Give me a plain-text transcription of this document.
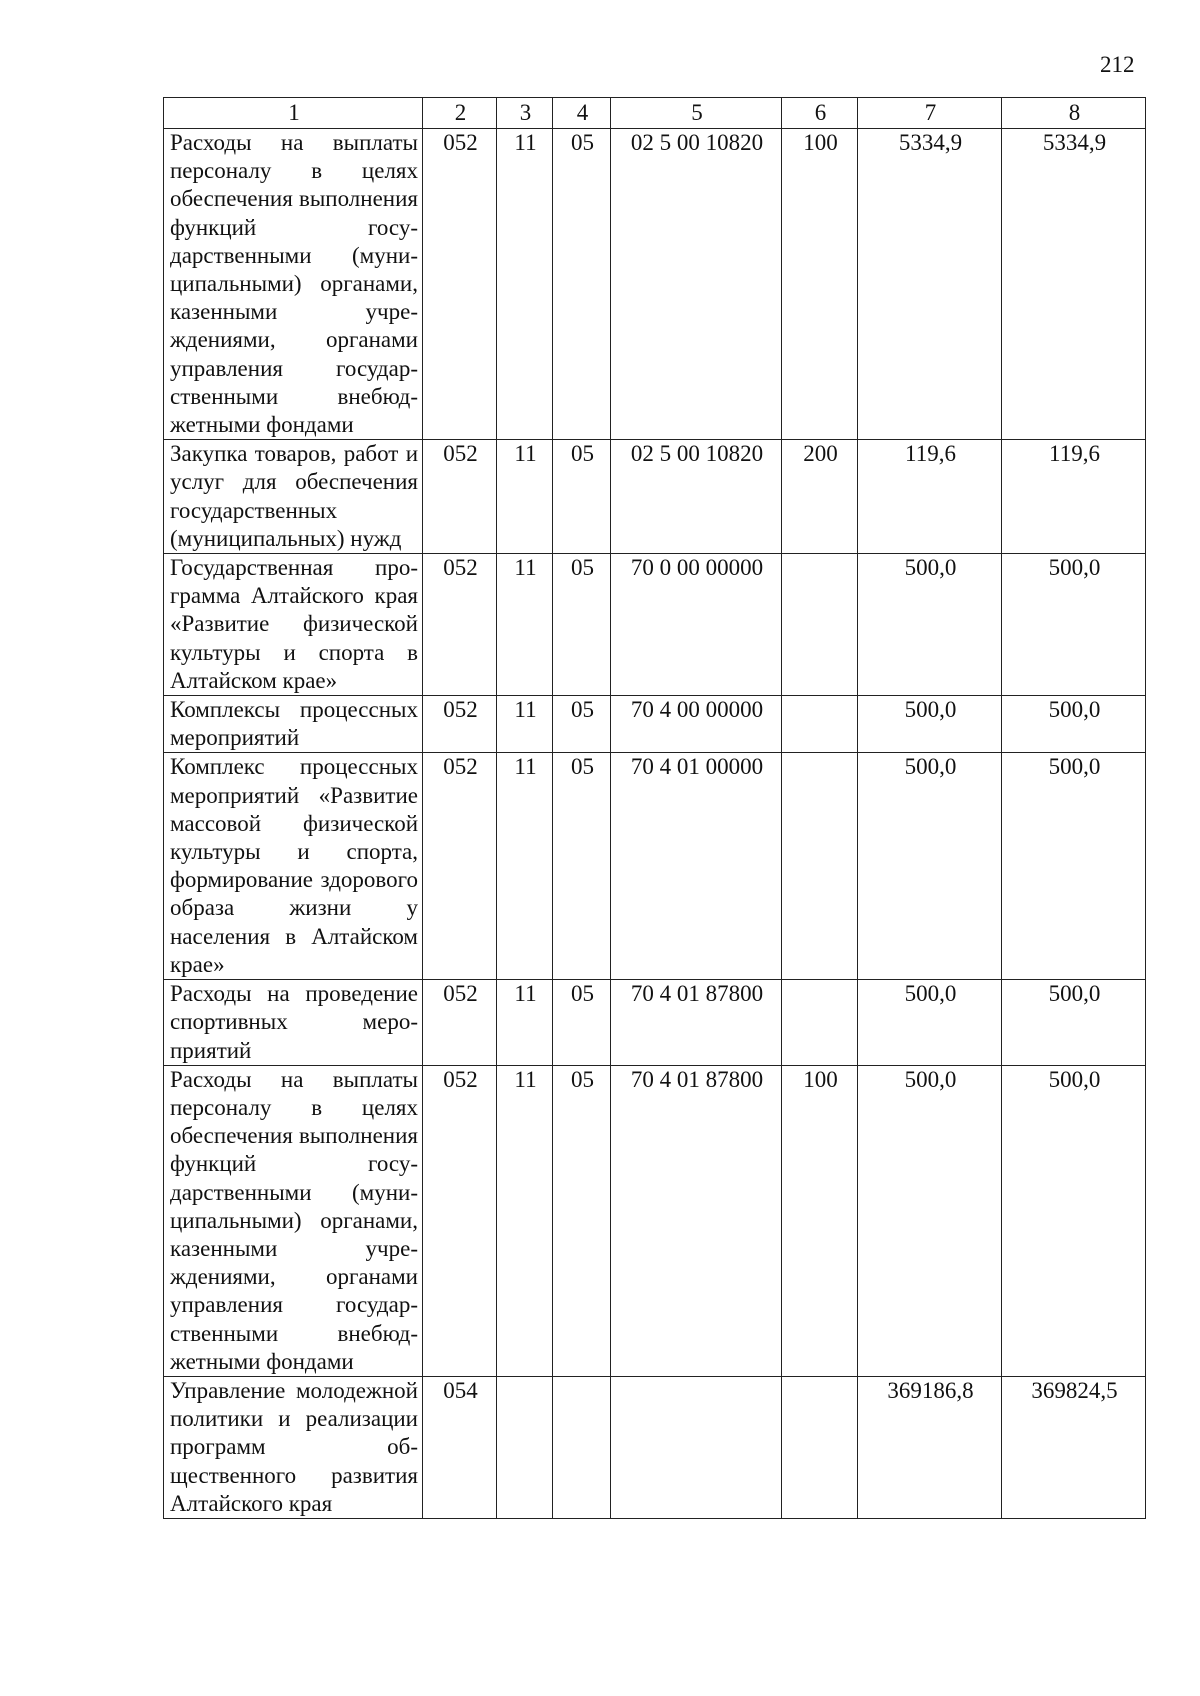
212
1	2	3	4	5	6	7	8

Расходы на выплаты персоналу в целях обеспечения выполнения функций государственными (муниципальными) органами, казенными учреждениями, органами управления государственными внебюджетными фондами	052	11	05	02 5 00 10820	100	5334,9	5334,9

Закупка товаров, работ и услуг для обеспечения государственных (муниципальных) нужд	052	11	05	02 5 00 10820	200	119,6	119,6

Государственная программа Алтайского края «Развитие физической культуры и спорта в Алтайском крае»	052	11	05	70 0 00 00000		500,0	500,0

Комплексы процессных мероприятий	052	11	05	70 4 00 00000		500,0	500,0

Комплекс процессных мероприятий «Развитие массовой физической культуры и спорта, формирование здорового образа жизни у населения в Алтайском крае»	052	11	05	70 4 01 00000		500,0	500,0

Расходы на проведение спортивных мероприятий	052	11	05	70 4 01 87800		500,0	500,0

Расходы на выплаты персоналу в целях обеспечения выполнения функций государственными (муниципальными) органами, казенными учреждениями, органами управления государственными внебюджетными фондами	052	11	05	70 4 01 87800	100	500,0	500,0

Управление молодежной политики и реализации программ общественного развития Алтайского края	054					369186,8	369824,5
